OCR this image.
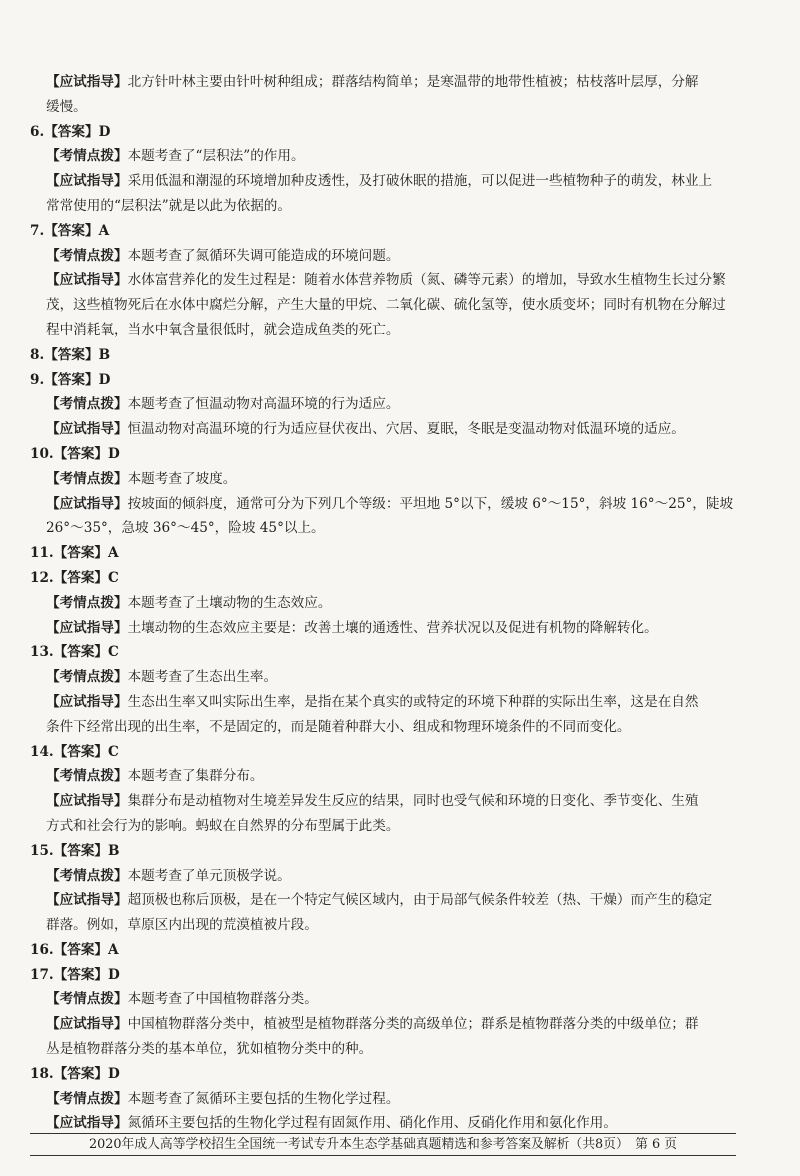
【应试指导】北方针叶林主要由针叶树种组成；群落结构简单；是寒温带的地带性植被；枯枝落叶层厚，分解
缓慢。
6.【答案】D
【考情点拨】本题考查了“层积法”的作用。
【应试指导】采用低温和潮湿的环境增加种皮透性，及打破休眠的措施，可以促进一些植物种子的萌发，林业上
常常使用的“层积法”就是以此为依据的。
7.【答案】A
【考情点拨】本题考查了氮循环失调可能造成的环境问题。
【应试指导】水体富营养化的发生过程是：随着水体营养物质（氮、磷等元素）的增加，导致水生植物生长过分繁
茂，这些植物死后在水体中腐烂分解，产生大量的甲烷、二氧化碳、硫化氢等，使水质变坏；同时有机物在分解过
程中消耗氧，当水中氧含量很低时，就会造成鱼类的死亡。
8.【答案】B
9.【答案】D
【考情点拨】本题考查了恒温动物对高温环境的行为适应。
【应试指导】恒温动物对高温环境的行为适应昼伏夜出、穴居、夏眠，冬眠是变温动物对低温环境的适应。
10.【答案】D
【考情点拨】本题考查了坡度。
【应试指导】按坡面的倾斜度，通常可分为下列几个等级：平坦地 5°以下，缓坡 6°～15°，斜坡 16°～25°，陡坡
26°～35°，急坡 36°～45°，险坡 45°以上。
11.【答案】A
12.【答案】C
【考情点拨】本题考查了土壤动物的生态效应。
【应试指导】土壤动物的生态效应主要是：改善土壤的通透性、营养状况以及促进有机物的降解转化。
13.【答案】C
【考情点拨】本题考查了生态出生率。
【应试指导】生态出生率又叫实际出生率，是指在某个真实的或特定的环境下种群的实际出生率，这是在自然
条件下经常出现的出生率，不是固定的，而是随着种群大小、组成和物理环境条件的不同而变化。
14.【答案】C
【考情点拨】本题考查了集群分布。
【应试指导】集群分布是动植物对生境差异发生反应的结果，同时也受气候和环境的日变化、季节变化、生殖
方式和社会行为的影响。蚂蚁在自然界的分布型属于此类。
15.【答案】B
【考情点拨】本题考查了单元顶极学说。
【应试指导】超顶极也称后顶极，是在一个特定气候区域内，由于局部气候条件较差（热、干燥）而产生的稳定
群落。例如，草原区内出现的荒漠植被片段。
16.【答案】A
17.【答案】D
【考情点拨】本题考查了中国植物群落分类。
【应试指导】中国植物群落分类中，植被型是植物群落分类的高级单位；群系是植物群落分类的中级单位；群
丛是植物群落分类的基本单位，犹如植物分类中的种。
18.【答案】D
【考情点拨】本题考查了氮循环主要包括的生物化学过程。
【应试指导】氮循环主要包括的生物化学过程有固氮作用、硝化作用、反硝化作用和氨化作用。
2020年成人高等学校招生全国统一考试专升本生态学基础真题精选和参考答案及解析（共8页）　第 6 页
